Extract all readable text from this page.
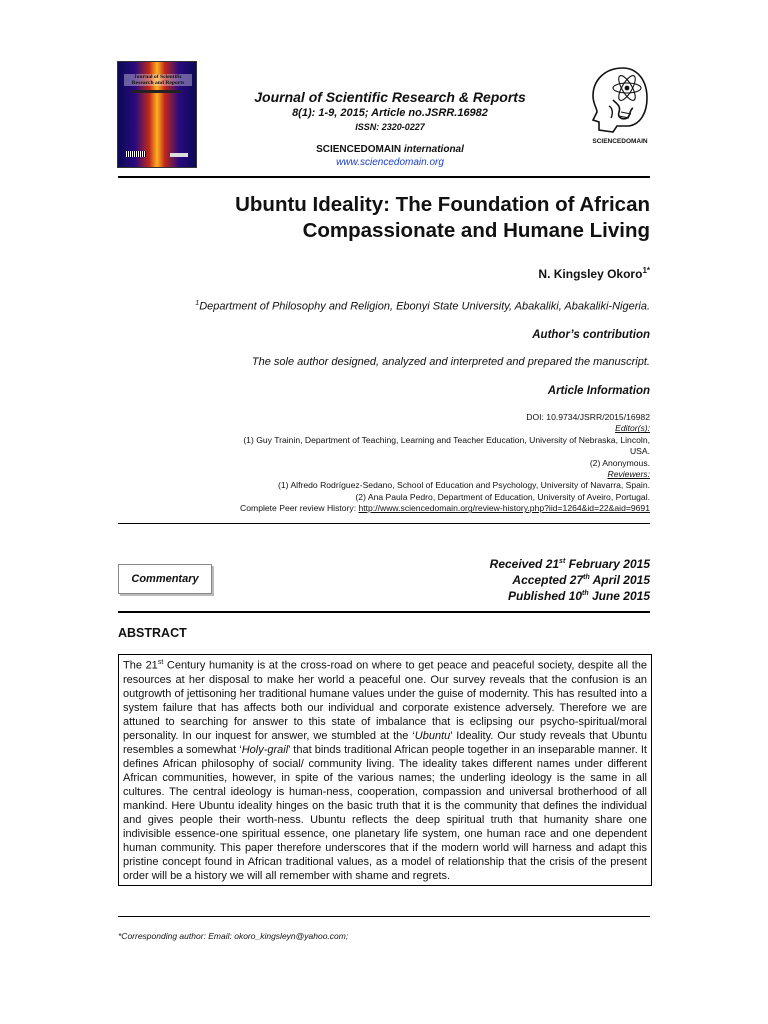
Journal of Scientific Research and Reports
Journal of Scientific Research & Reports
8(1): 1-9, 2015; Article no.JSRR.16982
ISSN: 2320-0227
SCIENCEDOMAIN international
www.sciencedomain.org
SCIENCEDOMAIN
Ubuntu Ideality: The Foundation of African
Compassionate and Humane Living
N. Kingsley Okoro$^{1*}$
$^1$Department of Philosophy and Religion, Ebonyi State University, Abakaliki, Abakaliki-Nigeria.
Author’s contribution
The sole author designed, analyzed and interpreted and prepared the manuscript.
Article Information
DOI: 10.9734/JSRR/2015/16982
Editor(s):
(1) Guy Trainin, Department of Teaching, Learning and Teacher Education, University of Nebraska, Lincoln,
USA.
(2) Anonymous.
Reviewers:
(1) Alfredo Rodríguez-Sedano, School of Education and Psychology, University of Navarra, Spain.
(2) Ana Paula Pedro, Department of Education, University of Aveiro, Portugal.
Complete Peer review History: http://www.sciencedomain.org/review-history.php?iid=1264&id=22&aid=9691
Commentary
Received 21st February 2015
Accepted 27th April 2015
Published 10th June 2015
ABSTRACT
The 21st Century humanity is at the cross-road on where to get peace and peaceful society, despite all the resources at her disposal to make her world a peaceful one. Our survey reveals that the confusion is an outgrowth of jettisoning her traditional humane values under the guise of modernity. This has resulted into a system failure that has affects both our individual and corporate existence adversely. Therefore we are attuned to searching for answer to this state of imbalance that is eclipsing our psycho-spiritual/moral personality. In our inquest for answer, we stumbled at the ‘Ubuntu’ Ideality. Our study reveals that Ubuntu resembles a somewhat ‘Holy-grail’ that binds traditional African people together in an inseparable manner. It defines African philosophy of social/ community living. The ideality takes different names under different African communities, however, in spite of the various names; the underling ideology is the same in all cultures. The central ideology is human-ness, cooperation, compassion and universal brotherhood of all mankind. Here Ubuntu ideality hinges on the basic truth that it is the community that defines the individual and gives people their worth-ness. Ubuntu reflects the deep spiritual truth that humanity share one indivisible essence-one spiritual essence, one planetary life system, one human race and one dependent human community. This paper therefore underscores that if the modern world will harness and adapt this pristine concept found in African traditional values, as a model of relationship that the crisis of the present order will be a history we will all remember with shame and regrets.
*Corresponding author: Email: okoro_kingsleyn@yahoo.com;
